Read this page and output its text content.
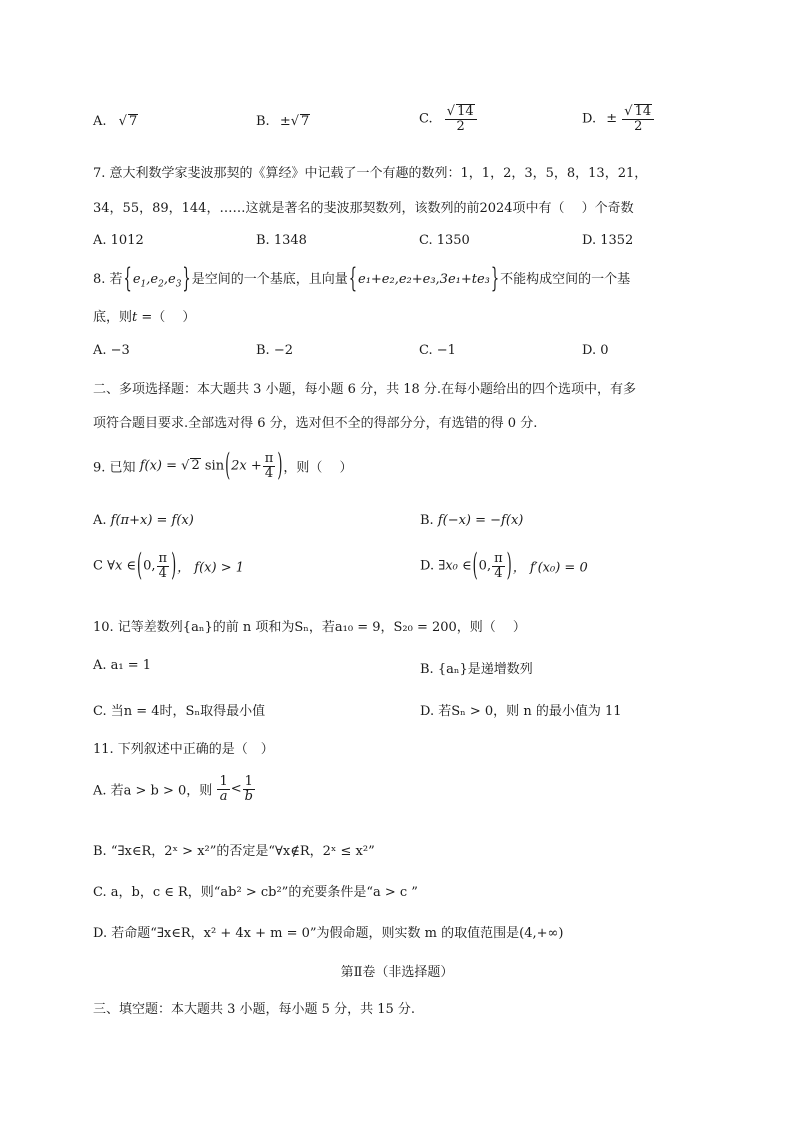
A. √ 7	B. ±√ 7	C. $\frac{√ 14}{2}$	D. ± $\frac{√ 14}{2}$
7. 意大利数学家斐波那契的《算经》中记载了一个有趣的数列：1，1，2，3，5，8，13，21，
34，55，89，144，……这就是著名的斐波那契数列，该数列的前2024项中有（　 ）个奇数
A. 1012	B. 1348	C. 1350	D. 1352
8. 若$\{e_1,e_2,e_3\}$是空间的一个基底，且向量{e₁+e₂,e₂+e₃,3e₁+te₃}不能构成空间的一个基
底，则t =（　 ）
A. −3	B. −2	C. −1	D. 0
二、多项选择题：本大题共 3 小题，每小题 6 分，共 18 分.在每小题给出的四个选项中，有多
项符合题目要求.全部选对得 6 分，选对但不全的得部分分，有选错的得 0 分.
9. 已知 f(x) = √ 2 $\sin(2x + \frac{\pi}{4}$ )，则（　 ）
A. f(π+x) = f(x)	B. f(−x) = −f(x)
C ∀x ∈(0, $\frac{\pi}{4}$ )， f(x) > 1	D. ∃x₀ ∈(0, $\frac{\pi}{4}$ )， f′(x₀) = 0
10. 记等差数列{aₙ}的前 n 项和为Sₙ，若a₁₀ = 9，S₂₀ = 200，则（　 ）
A. a₁ = 1	B. {aₙ}是递增数列
C. 当n = 4时，Sₙ取得最小值	D. 若Sₙ > 0，则 n 的最小值为 11
11. 下列叙述中正确的是（　）
A. 若a > b > 0，则 $\frac{1}{a} < \frac{1}{b}$
B. “∃x∈R，2ˣ > x²”的否定是“∀x∉R，2ˣ ≤ x²”
C. a，b，c ∈ R，则“ab² > cb²”的充要条件是“a > c ”
D. 若命题“∃x∈R，x² + 4x + m = 0”为假命题，则实数 m 的取值范围是(4,+∞)
第Ⅱ卷（非选择题）
三、填空题：本大题共 3 小题，每小题 5 分，共 15 分.
